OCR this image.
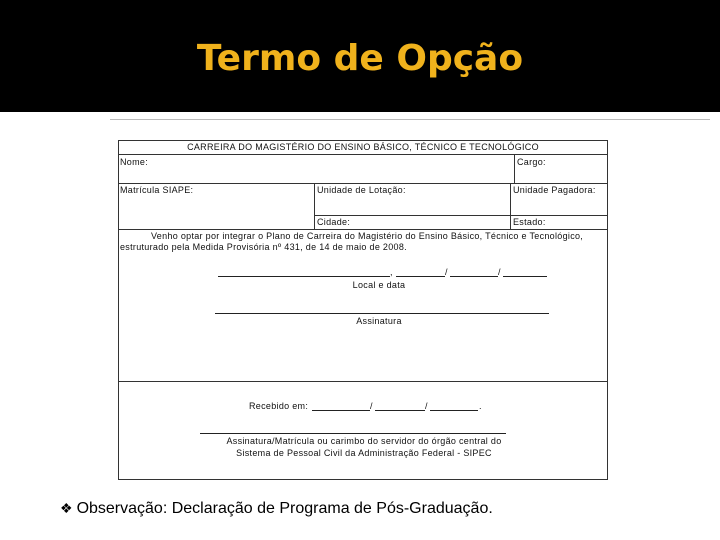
Termo de Opção
CARREIRA DO MAGISTÉRIO DO ENSINO BÁSICO, TÉCNICO E TECNOLÓGICO
Nome:	Cargo:
Matrícula SIAPE:	Unidade de Lotação:	Unidade Pagadora:
Cidade:	Estado:
Venho optar por integrar o Plano de Carreira do Magistério do Ensino Básico, Técnico e Tecnológico,
estruturado pela Medida Provisória nº 431, de 14 de maio de 2008.
,	/	/
Local e data
Assinatura
Recebido em:	/	/	.
Assinatura/Matrícula ou carimbo do servidor do órgão central do
Sistema de Pessoal Civil da Administração Federal - SIPEC
❖ Observação: Declaração de Programa de Pós-Graduação.
